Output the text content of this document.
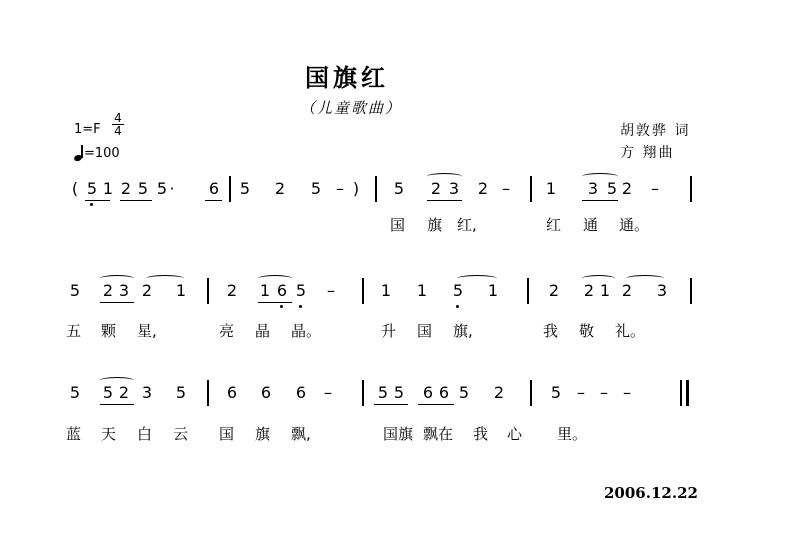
国旗红
（儿童歌曲）
1=F
4
4
=100
胡敦骅 词
方 翔曲
( 5 1 2 5 5 ·	6 5 2 5 – )	5 2 3 2 –	1 3 5 2	–
国 旗 红,	红 通 通。
5 2 3 2 1	2 1 6 5	–	1 1 5 1	2 2 1 2 3
五 颗 星,	亮 晶 晶。	升 国 旗,	我 敬 礼。
5 5 2 3 5	6 6 6	–	5 5 6 6 5 2	5 – – –
蓝 天 白 云 国 旗 飘,	国旗 飘在 我 心 里。
2006.12.22
